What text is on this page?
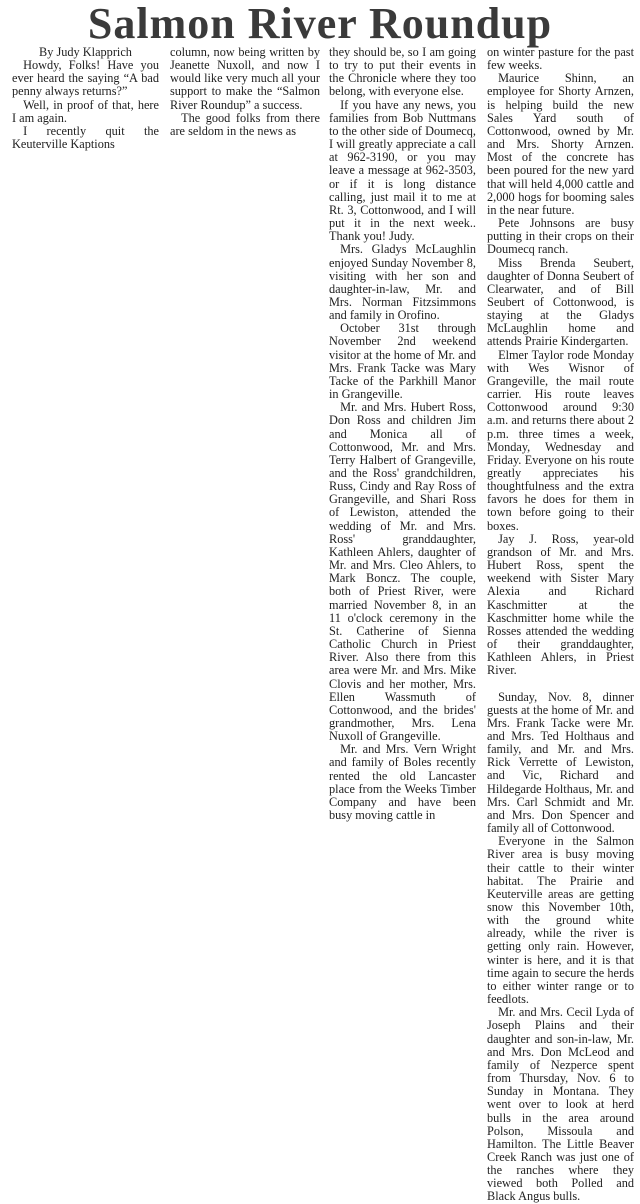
Salmon River Roundup

By Judy Klapprich

Howdy, Folks! Have you ever heard the saying “A bad penny always returns?”

Well, in proof of that, here I am again.

I recently quit the Keuterville Kaptions

column, now being written by Jeanette Nuxoll, and now I would like very much all your support to make the “Salmon River Roundup” a success.

The good folks from there are seldom in the news as

they should be, so I am going to try to put their events in the Chronicle where they too belong, with everyone else.

If you have any news, you families from Bob Nuttmans to the other side of Doumecq, I will greatly appreciate a call at 962-3190, or you may leave a message at 962-3503, or if it is long distance calling, just mail it to me at Rt. 3, Cottonwood, and I will put it in the next week.. Thank you! Judy.

Mrs. Gladys McLaughlin enjoyed Sunday November 8, visiting with her son and daughter-in-law, Mr. and Mrs. Norman Fitzsimmons and family in Orofino.

October 31st through November 2nd weekend visitor at the home of Mr. and Mrs. Frank Tacke was Mary Tacke of the Parkhill Manor in Grangeville.

Mr. and Mrs. Hubert Ross, Don Ross and children Jim and Monica all of Cottonwood, Mr. and Mrs. Terry Halbert of Grangeville, and the Ross' grandchildren, Russ, Cindy and Ray Ross of Grangeville, and Shari Ross of Lewiston, attended the wedding of Mr. and Mrs. Ross' granddaughter, Kathleen Ahlers, daughter of Mr. and Mrs. Cleo Ahlers, to Mark Boncz. The couple, both of Priest River, were married November 8, in an 11 o'clock ceremony in the St. Catherine of Sienna Catholic Church in Priest River. Also there from this area were Mr. and Mrs. Mike Clovis and her mother, Mrs. Ellen Wassmuth of Cottonwood, and the brides' grandmother, Mrs. Lena Nuxoll of Grangeville.

Mr. and Mrs. Vern Wright and family of Boles recently rented the old Lancaster place from the Weeks Timber Company and have been busy moving cattle in

on winter pasture for the past few weeks.

Maurice Shinn, an employee for Shorty Arnzen, is helping build the new Sales Yard south of Cottonwood, owned by Mr. and Mrs. Shorty Arnzen. Most of the concrete has been poured for the new yard that will held 4,000 cattle and 2,000 hogs for booming sales in the near future.

Pete Johnsons are busy putting in their crops on their Doumecq ranch.

Miss Brenda Seubert, daughter of Donna Seubert of Clearwater, and of Bill Seubert of Cottonwood, is staying at the Gladys McLaughlin home and attends Prairie Kindergarten.

Elmer Taylor rode Monday with Wes Wisnor of Grangeville, the mail route carrier. His route leaves Cottonwood around 9:30 a.m. and returns there about 2 p.m. three times a week, Monday, Wednesday and Friday. Everyone on his route greatly appreciates his thoughtfulness and the extra favors he does for them in town before going to their boxes.

Jay J. Ross, year-old grandson of Mr. and Mrs. Hubert Ross, spent the weekend with Sister Mary Alexia and Richard Kaschmitter at the Kaschmitter home while the Rosses attended the wedding of their granddaughter, Kathleen Ahlers, in Priest River.

Sunday, Nov. 8, dinner guests at the home of Mr. and Mrs. Frank Tacke were Mr. and Mrs. Ted Holthaus and family, and Mr. and Mrs. Rick Verrette of Lewiston, and Vic, Richard and Hildegarde Holthaus, Mr. and Mrs. Carl Schmidt and Mr. and Mrs. Don Spencer and family all of Cottonwood.

Everyone in the Salmon River area is busy moving their cattle to their winter habitat. The Prairie and Keuterville areas are getting snow this November 10th, with the ground white already, while the river is getting only rain. However, winter is here, and it is that time again to secure the herds to either winter range or to feedlots.

Mr. and Mrs. Cecil Lyda of Joseph Plains and their daughter and son-in-law, Mr. and Mrs. Don McLeod and family of Nezperce spent from Thursday, Nov. 6 to Sunday in Montana. They went over to look at herd bulls in the area around Polson, Missoula and Hamilton. The Little Beaver Creek Ranch was just one of the ranches where they viewed both Polled and Black Angus bulls.
